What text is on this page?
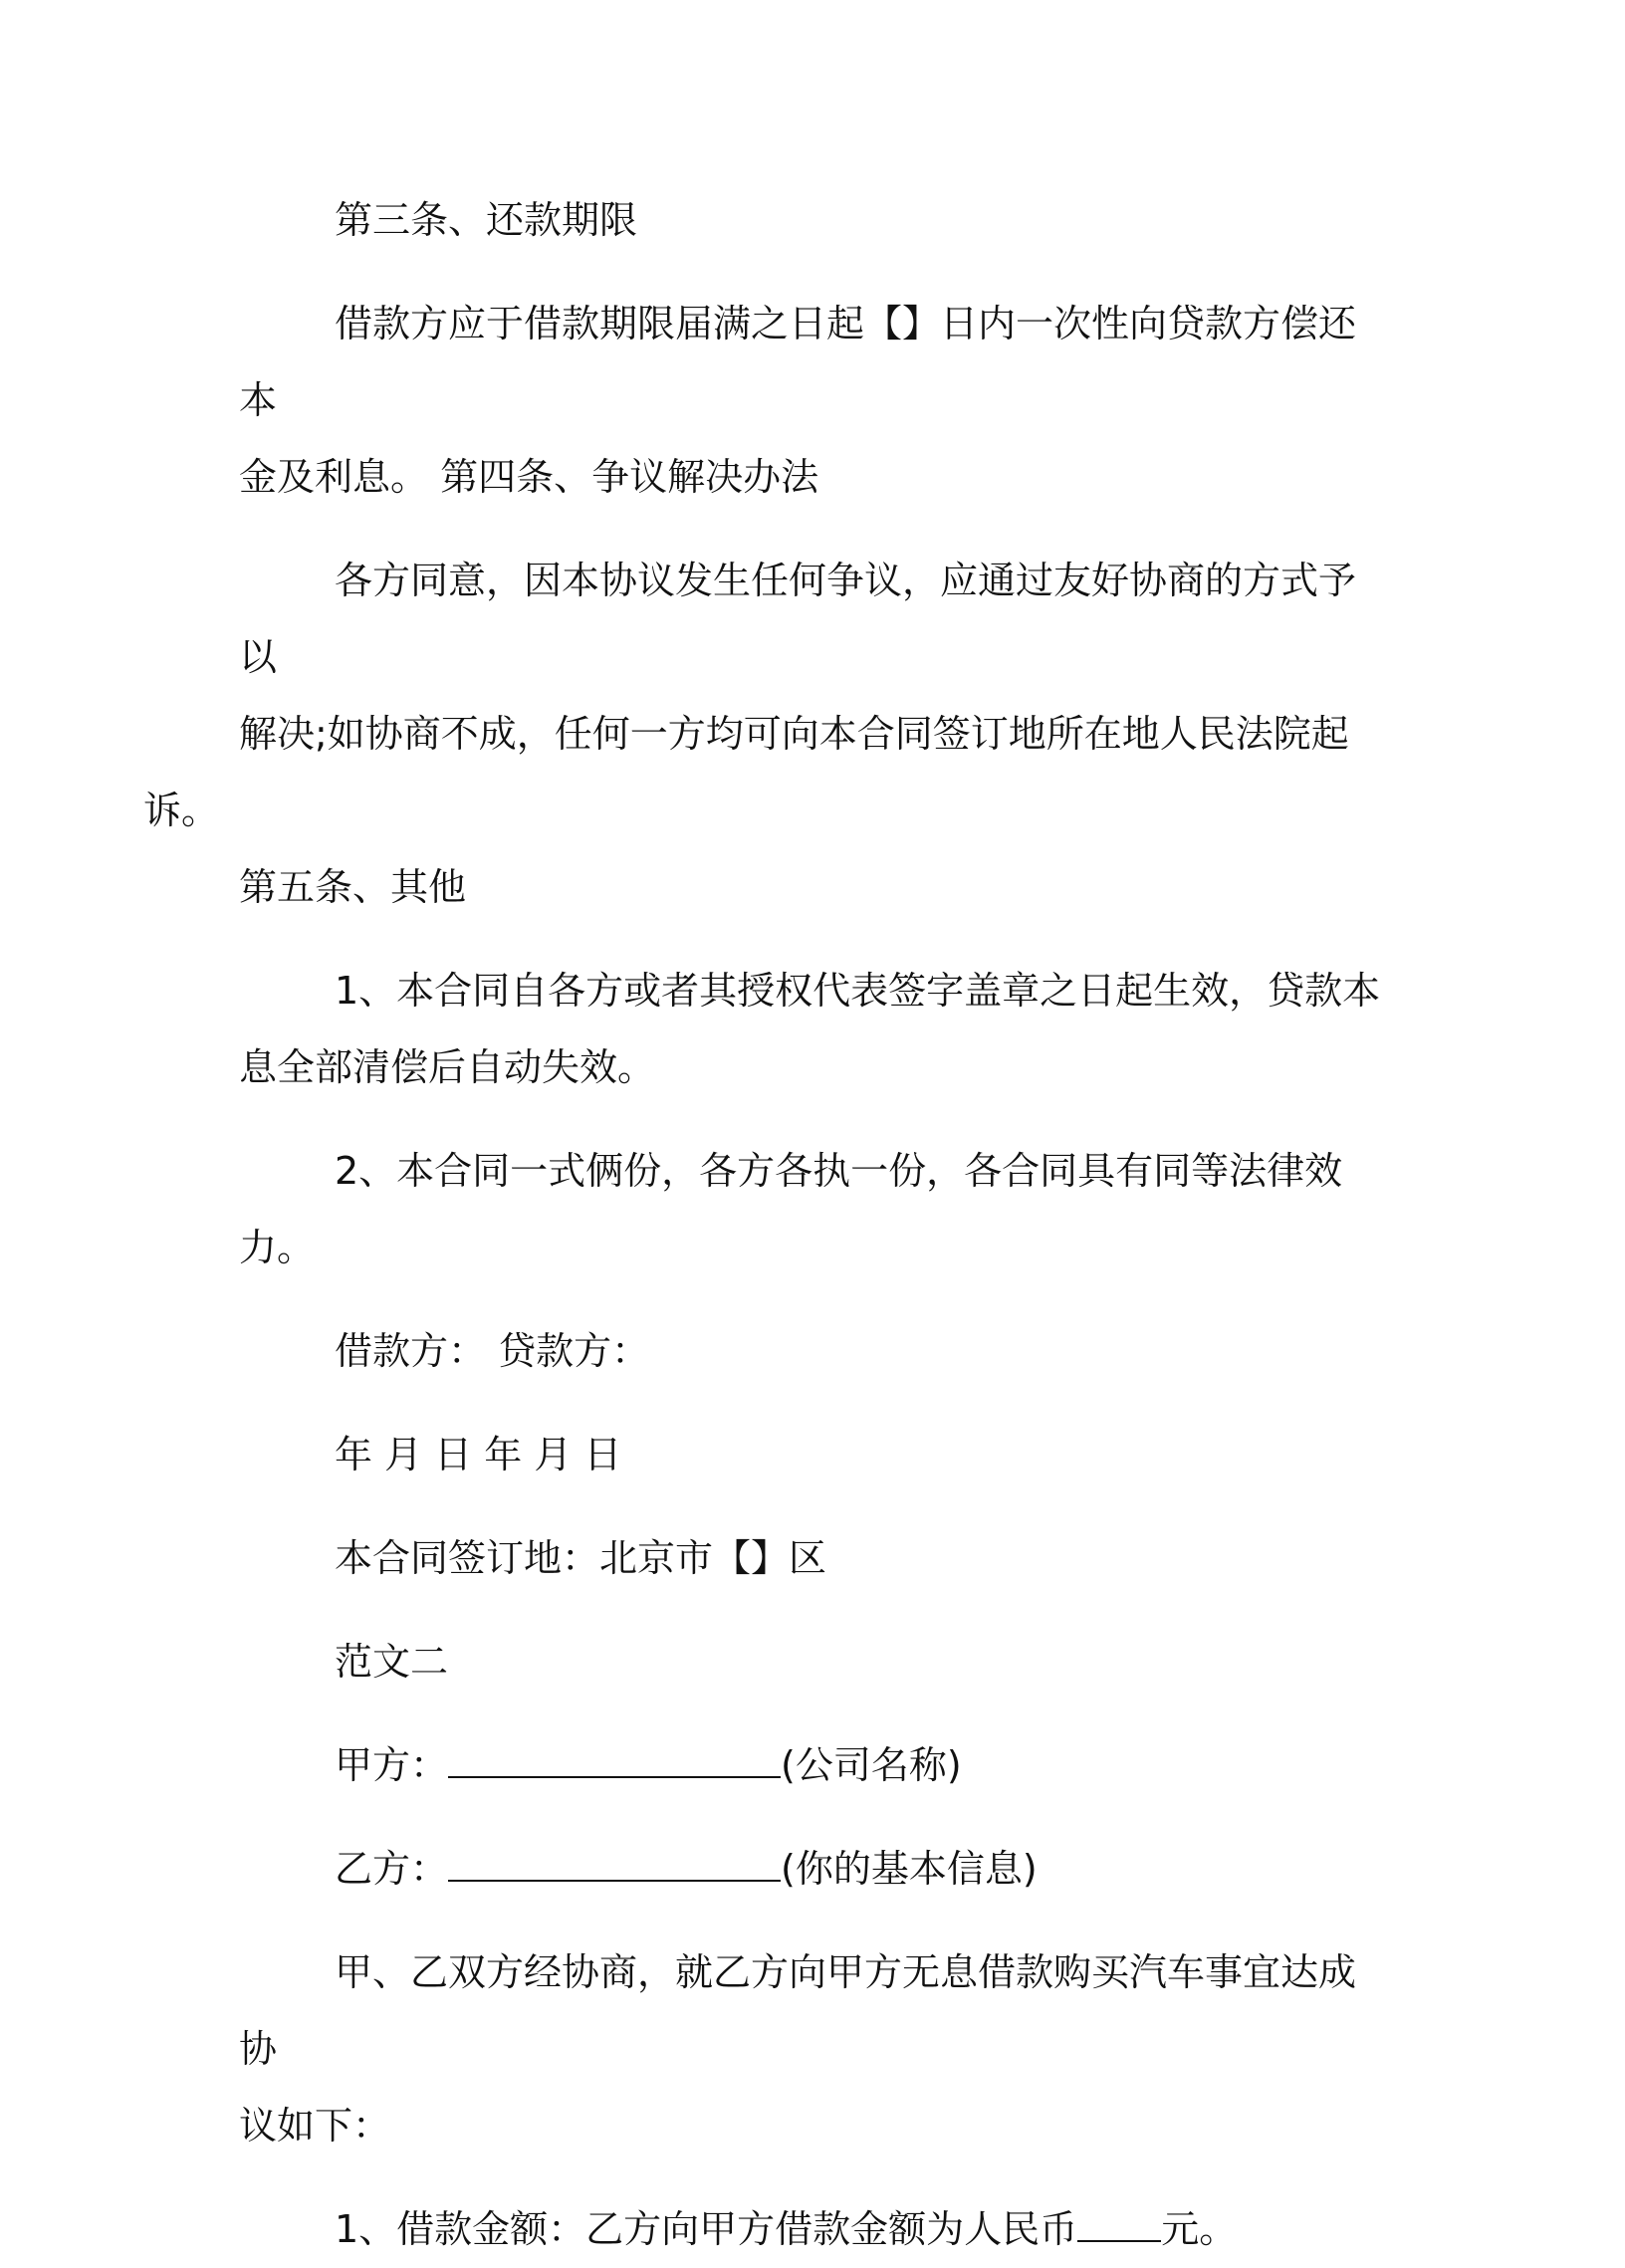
第三条、还款期限

借款方应于借款期限届满之日起【】日内一次性向贷款方偿还本
金及利息。 第四条、争议解决办法

各方同意，因本协议发生任何争议，应通过友好协商的方式予以
解决;如协商不成，任何一方均可向本合同签订地所在地人民法院起诉。
第五条、其他

1、本合同自各方或者其授权代表签字盖章之日起生效，贷款本
息全部清偿后自动失效。

2、本合同一式俩份，各方各执一份，各合同具有同等法律效力。

借款方： 贷款方：

年 月 日 年 月 日

本合同签订地：北京市【】区

范文二

甲方：	(公司名称)

乙方：	(你的基本信息)

甲、乙双方经协商，就乙方向甲方无息借款购买汽车事宜达成协
议如下：

1、借款金额：乙方向甲方借款金额为人民币 元。
